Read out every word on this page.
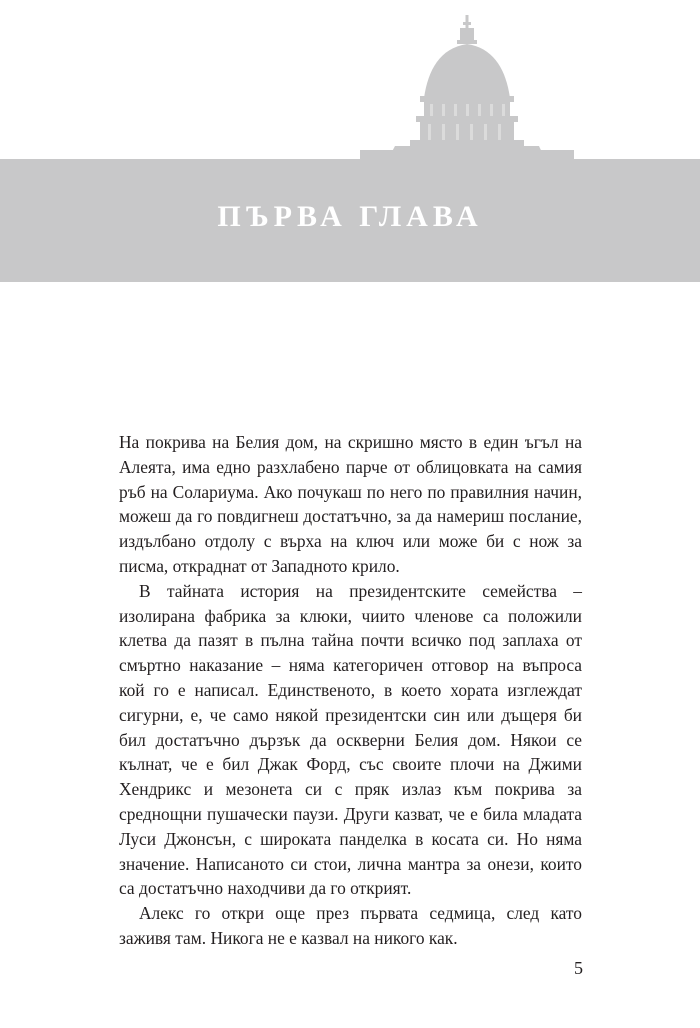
ПЪРВА ГЛАВА

На покрива на Белия дом, на скришно място в един ъгъл на Алеята, има едно разхлабено парче от облицовката на самия ръб на Солариума. Ако почукаш по него по правилния начин, можеш да го повдигнеш достатъчно, за да намериш послание, издълбано отдолу с върха на ключ или може би с нож за писма, откраднат от Западното крило.

В тайната история на президентските семейства – изолирана фабрика за клюки, чиито членове са положили клетва да пазят в пълна тайна почти всичко под заплаха от смъртно наказание – няма категоричен отговор на въпроса кой го е написал. Единственото, в което хората изглеждат сигурни, е, че само някой президентски син или дъщеря би бил достатъчно дързък да оскверни Белия дом. Някои се кълнат, че е бил Джак Форд, със своите плочи на Джими Хендрикс и мезонета си с пряк излаз към покрива за среднощни пушачески паузи. Други казват, че е била младата Луси Джонсън, с широката панделка в косата си. Но няма значение. Написаното си стои, лична мантра за онези, които са достатъчно находчиви да го открият.

Алекс го откри още през първата седмица, след като заживя там. Никога не е казвал на никого как.

5
